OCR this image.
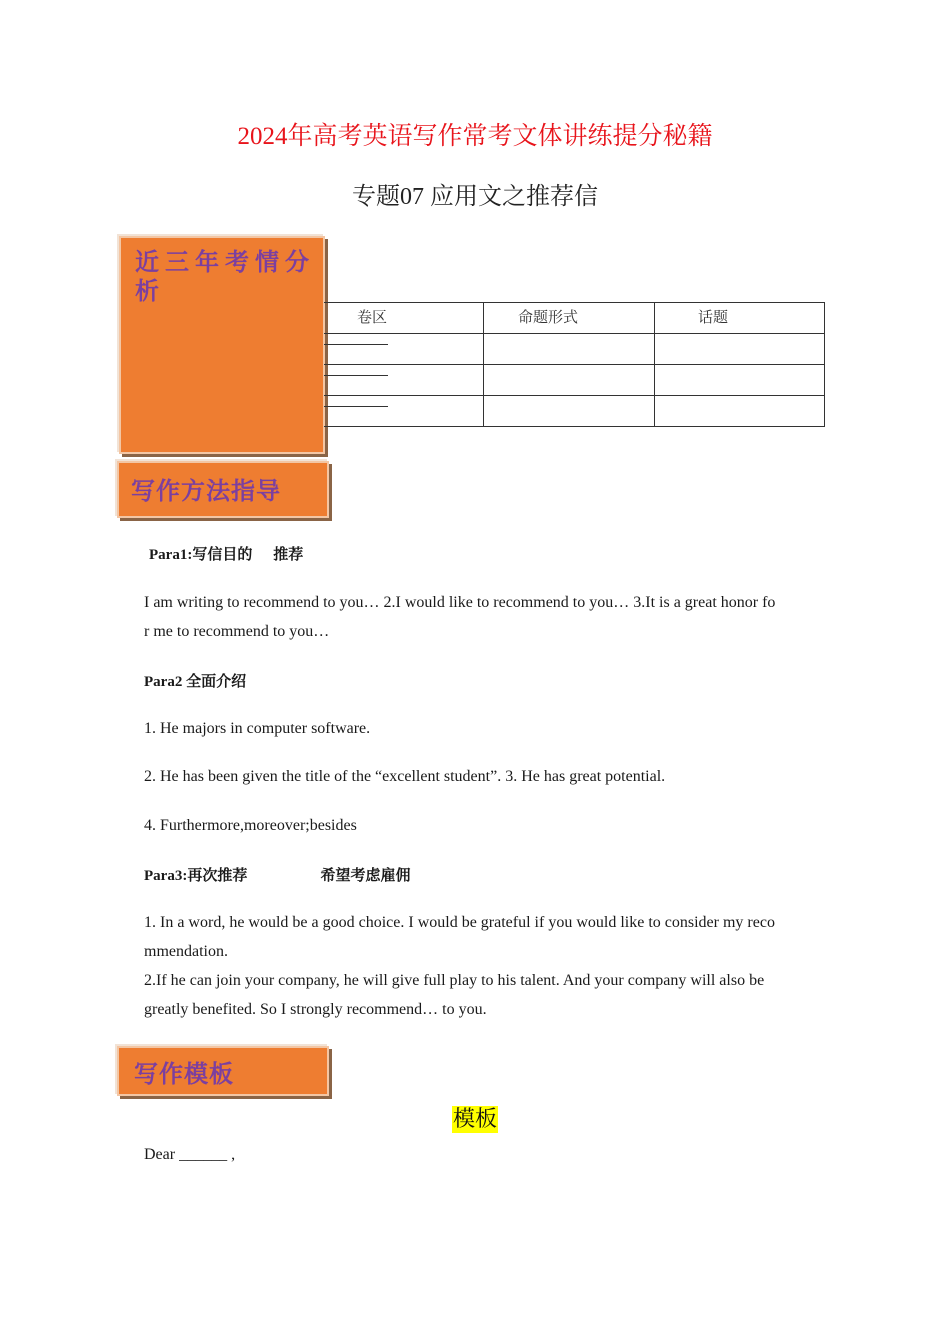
2024年高考英语写作常考文体讲练提分秘籍
专题07 应用文之推荐信
近三年考情分析
卷区	命题形式	话题

写作方法指导
Para1:写信目的    推荐
I am writing to recommend to you… 2.I would like to recommend to you… 3.It is a great honor fo
r me to recommend to you…
Para2 全面介绍
1. He majors in computer software.
2. He has been given the title of the “excellent student”. 3. He has great potential.
4. Furthermore,moreover;besides
Para3:再次推荐              希望考虑雇佣
1. In a word, he would be a good choice. I would be grateful if you would like to consider my reco
mmendation.
2.If he can join your company, he will give full play to his talent. And your company will also be
greatly benefited. So I strongly recommend… to you.
写作模板
模板
Dear ______ ,
